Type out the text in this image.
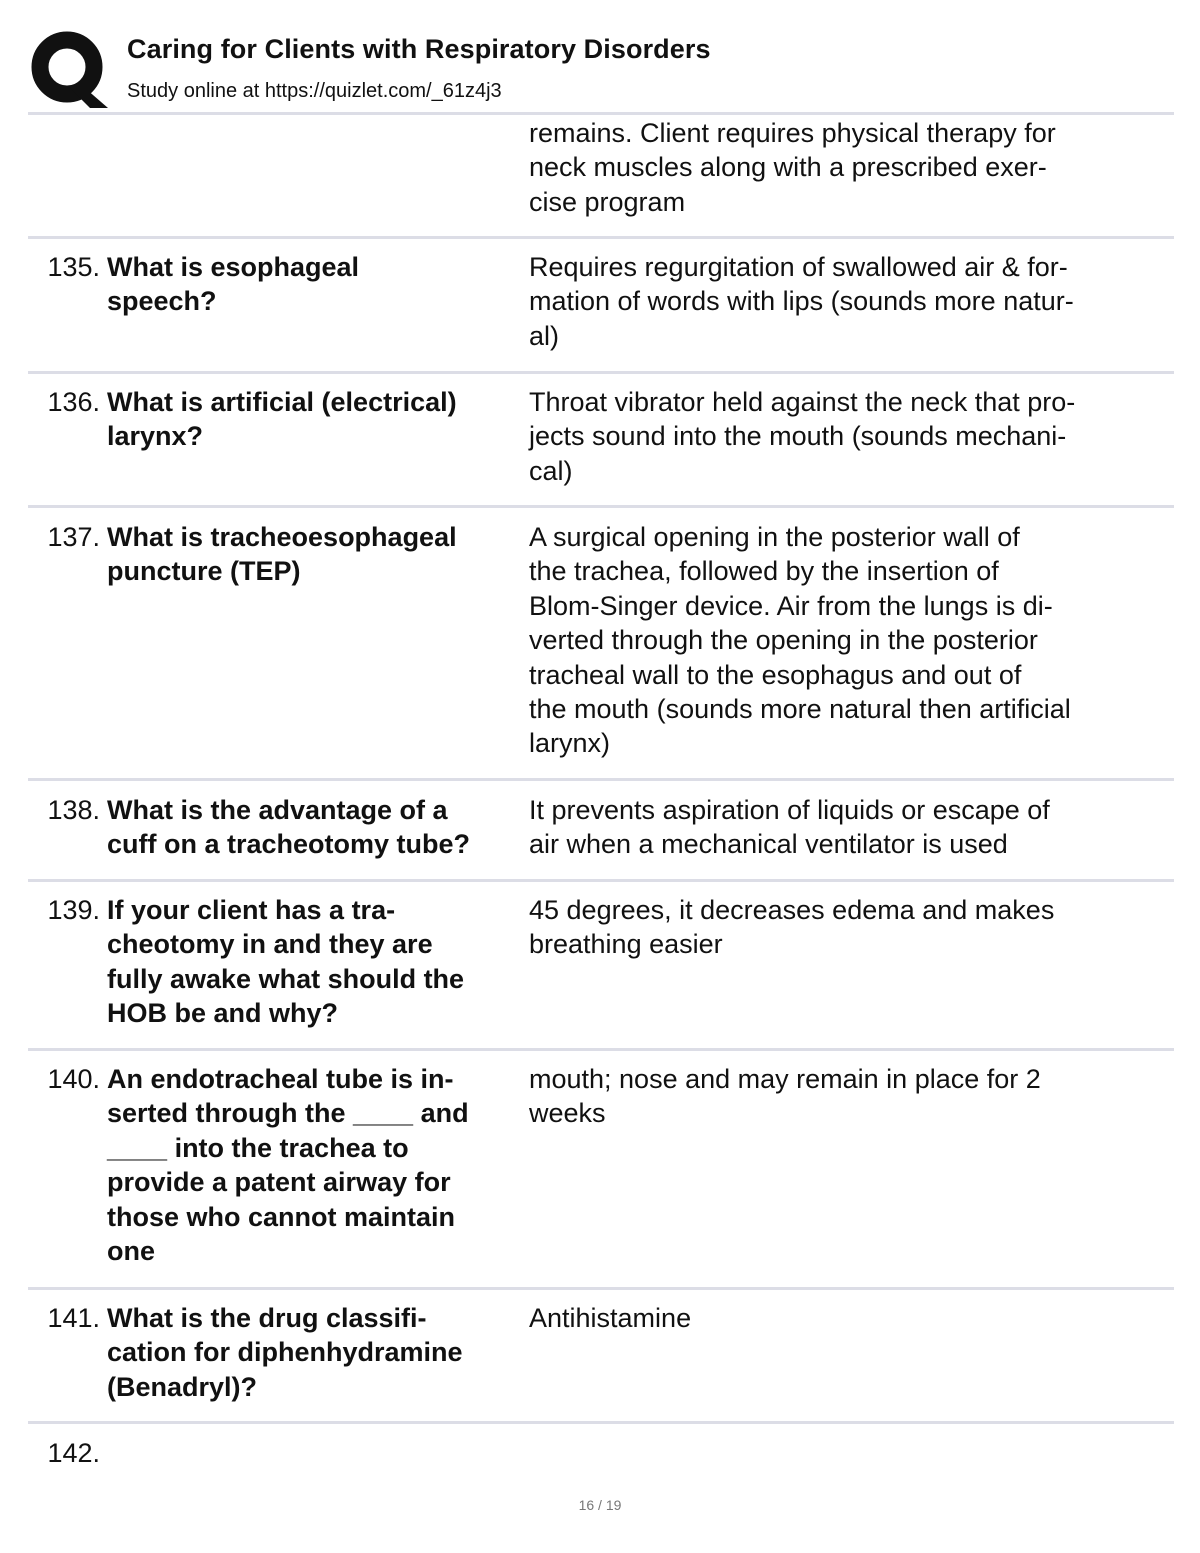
Caring for Clients with Respiratory Disorders
Study online at https://quizlet.com/_61z4j3
remains. Client requires physical therapy for
neck muscles along with a prescribed exer-
cise program
135. What is esophageal
speech?
Requires regurgitation of swallowed air & for-
mation of words with lips (sounds more natur-
al)
136. What is artificial (electrical)
larynx?
Throat vibrator held against the neck that pro-
jects sound into the mouth (sounds mechani-
cal)
137. What is tracheoesophageal
puncture (TEP)
A surgical opening in the posterior wall of
the trachea, followed by the insertion of
Blom-Singer device. Air from the lungs is di-
verted through the opening in the posterior
tracheal wall to the esophagus and out of
the mouth (sounds more natural then artificial
larynx)
138. What is the advantage of a
cuff on a tracheotomy tube?
It prevents aspiration of liquids or escape of
air when a mechanical ventilator is used
139. If your client has a tra-
cheotomy in and they are
fully awake what should the
HOB be and why?
45 degrees, it decreases edema and makes
breathing easier
140. An endotracheal tube is in-
serted through the ____ and
____ into the trachea to
provide a patent airway for
those who cannot maintain
one
mouth; nose and may remain in place for 2
weeks
141. What is the drug classifi-
cation for diphenhydramine
(Benadryl)?
Antihistamine
142.
16 / 19
